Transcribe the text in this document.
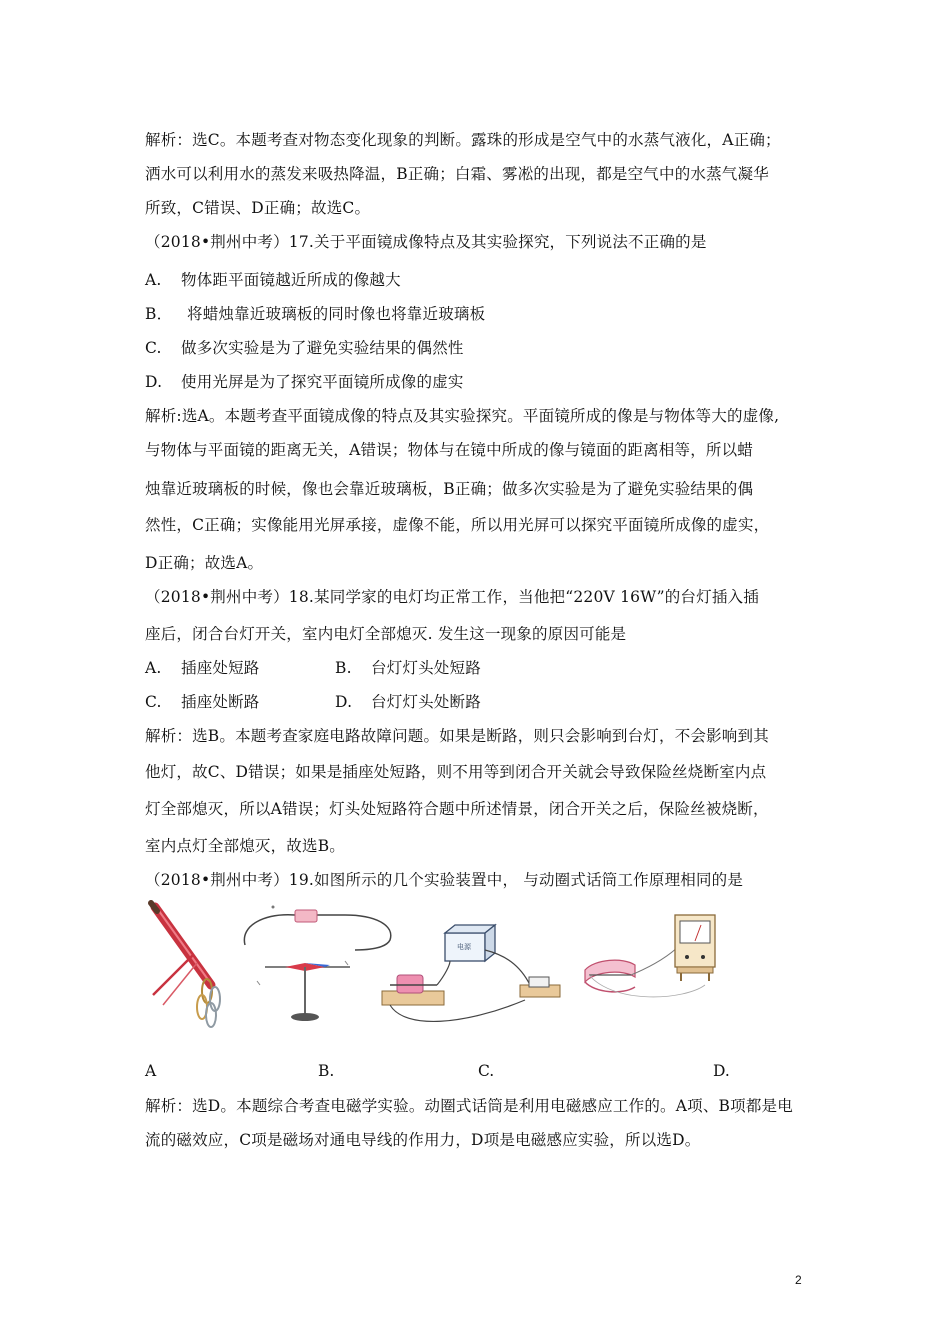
解析：选C。本题考查对物态变化现象的判断。露珠的形成是空气中的水蒸气液化，A正确；
洒水可以利用水的蒸发来吸热降温，B正确；白霜、雾凇的出现，都是空气中的水蒸气凝华
所致，C错误、D正确；故选C。
（2018•荆州中考）17.关于平面镜成像特点及其实验探究，下列说法不正确的是
A. 物体距平面镜越近所成的像越大
B． 将蜡烛靠近玻璃板的同时像也将靠近玻璃板
C. 做多次实验是为了避免实验结果的偶然性
D. 使用光屏是为了探究平面镜所成像的虚实
解析:选A。本题考查平面镜成像的特点及其实验探究。平面镜所成的像是与物体等大的虚像,
与物体与平面镜的距离无关，A错误；物体与在镜中所成的像与镜面的距离相等，所以蜡
烛靠近玻璃板的时候，像也会靠近玻璃板，B正确；做多次实验是为了避免实验结果的偶
然性，C正确；实像能用光屏承接，虚像不能，所以用光屏可以探究平面镜所成像的虚实，
D正确；故选A。
（2018•荆州中考）18.某同学家的电灯均正常工作，当他把“220V 16W”的台灯插入插
座后，闭合台灯开关，室内电灯全部熄灭. 发生这一现象的原因可能是
A. 插座处短路	B. 台灯灯头处短路
C. 插座处断路	D. 台灯灯头处断路
解析：选B。本题考查家庭电路故障问题。如果是断路，则只会影响到台灯，不会影响到其
他灯，故C、D错误；如果是插座处短路，则不用等到闭合开关就会导致保险丝烧断室内点
灯全部熄灭，所以A错误；灯头处短路符合题中所述情景，闭合开关之后，保险丝被烧断，
室内点灯全部熄灭，故选B。
（2018•荆州中考）19.如图所示的几个实验装置中， 与动圈式话筒工作原理相同的是
电源
A	B.	C.	D.
解析：选D。本题综合考查电磁学实验。动圈式话筒是利用电磁感应工作的。A项、B项都是电
流的磁效应，C项是磁场对通电导线的作用力，D项是电磁感应实验，所以选D。
2
